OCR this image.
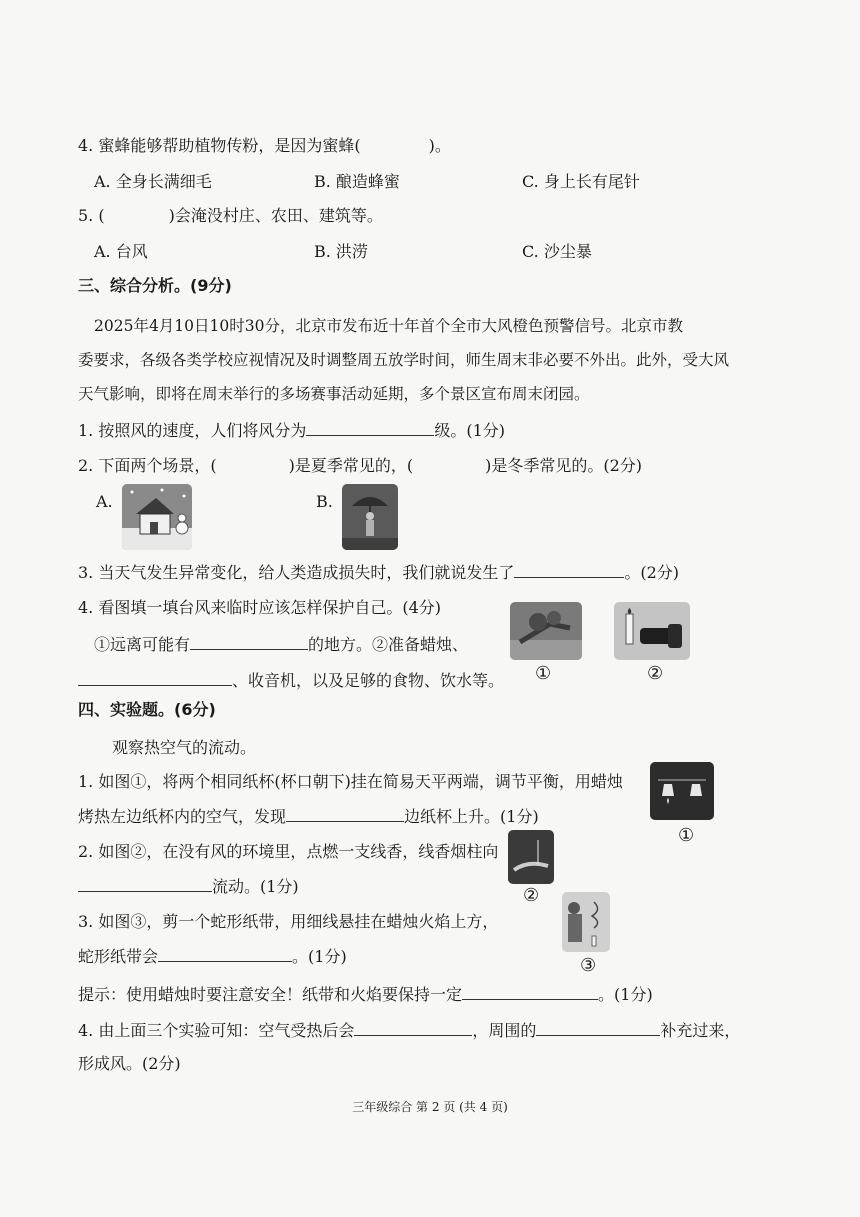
4. 蜜蜂能够帮助植物传粉，是因为蜜蜂(	)。
A. 全身长满细毛	B. 酿造蜂蜜	C. 身上长有尾针
5. (	)会淹没村庄、农田、建筑等。
A. 台风	B. 洪涝	C. 沙尘暴
三、综合分析。(9分)
2025年4月10日10时30分，北京市发布近十年首个全市大风橙色预警信号。北京市教
委要求，各级各类学校应视情况及时调整周五放学时间，师生周末非必要不外出。此外，受大风
天气影响，即将在周末举行的多场赛事活动延期，多个景区宣布周末闭园。
1. 按照风的速度，人们将风分为	级。(1分)
2. 下面两个场景，(	)是夏季常见的，(	)是冬季常见的。(2分)
A.	B.
3. 当天气发生异常变化，给人类造成损失时，我们就说发生了	。(2分)
4. 看图填一填台风来临时应该怎样保护自己。(4分)
①远离可能有	的地方。②准备蜡烛、
、收音机，以及足够的食物、饮水等。 ①	②
四、实验题。(6分)
观察热空气的流动。
1. 如图①，将两个相同纸杯(杯口朝下)挂在简易天平两端，调节平衡，用蜡烛
烤热左边纸杯内的空气，发现	边纸杯上升。(1分)
①
2. 如图②，在没有风的环境里，点燃一支线香，线香烟柱向
流动。(1分)	②
3. 如图③，剪一个蛇形纸带，用细线悬挂在蜡烛火焰上方，
蛇形纸带会	。(1分)	③
提示：使用蜡烛时要注意安全！纸带和火焰要保持一定	。(1分)
4. 由上面三个实验可知：空气受热后会	，周围的	补充过来，
形成风。(2分)
三年级综合 第 2 页 (共 4 页)
